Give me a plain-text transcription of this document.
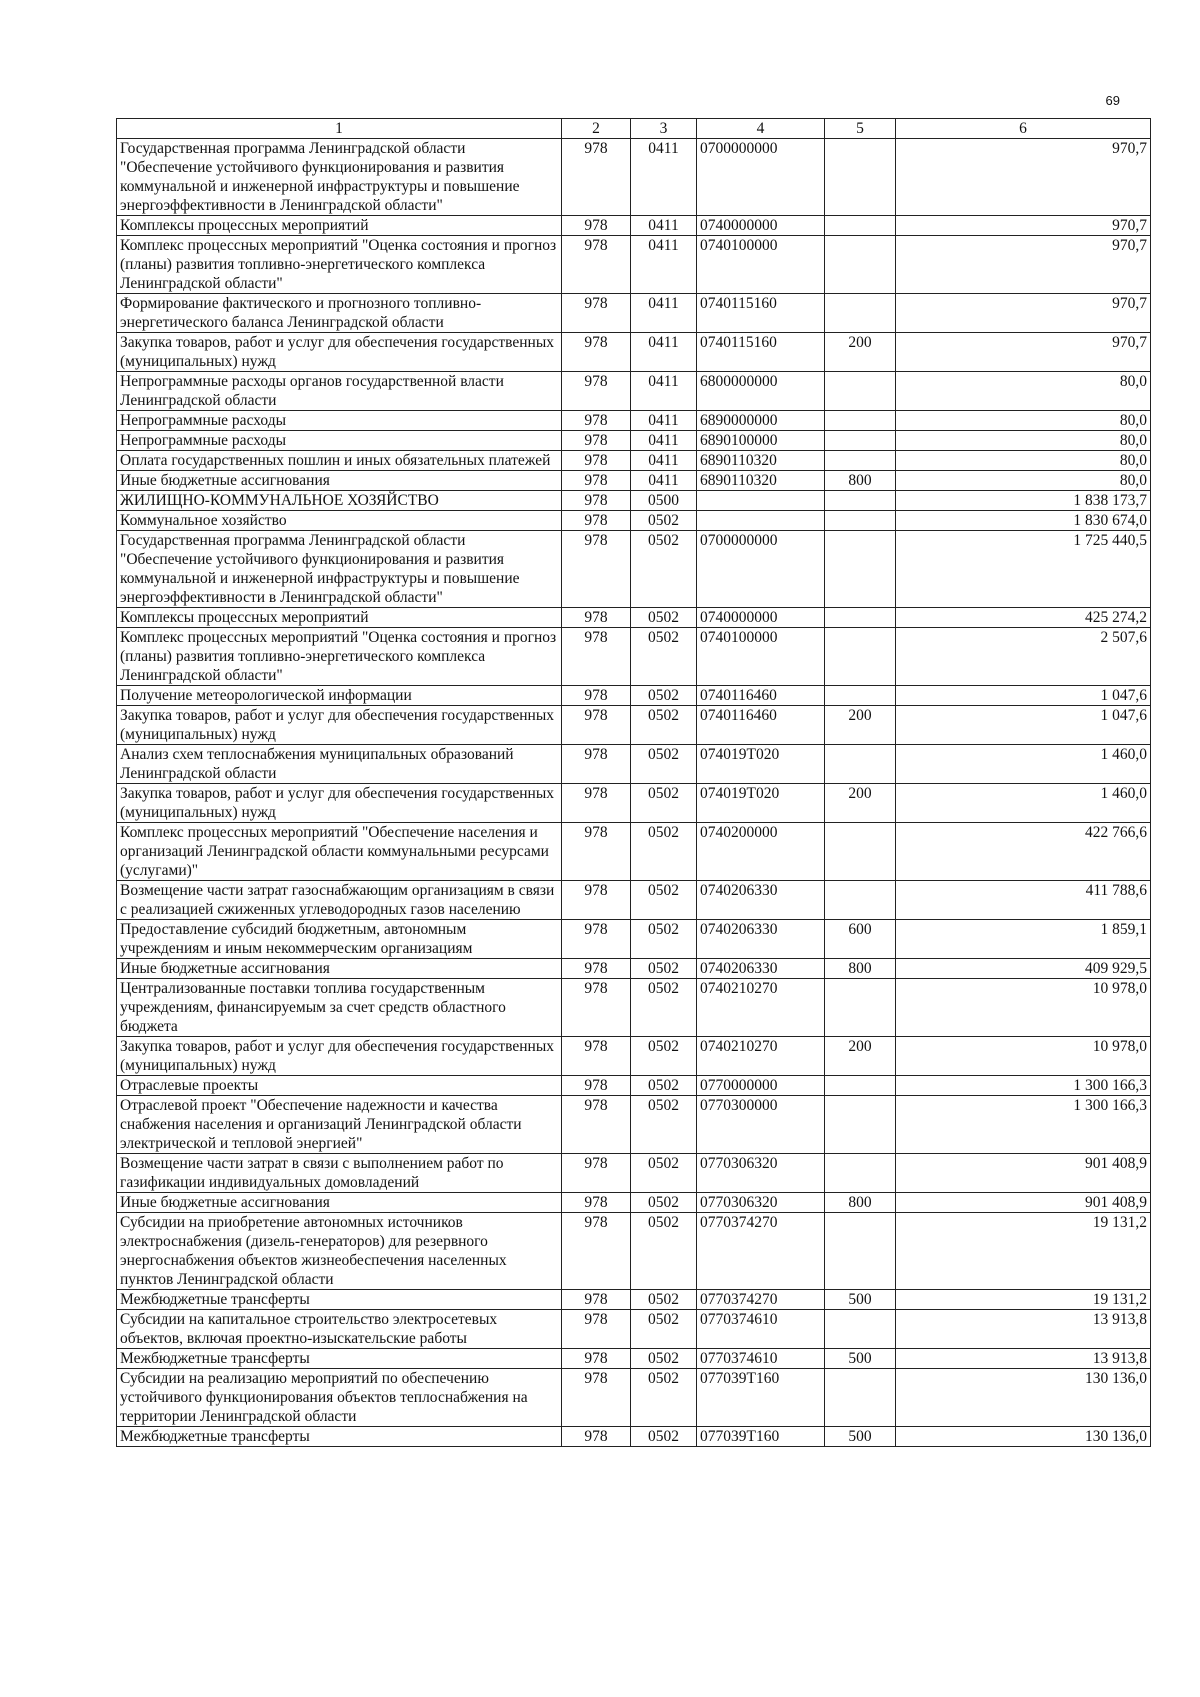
69
1	2	3	4	5	6
Государственная программа Ленинградской области "Обеспечение устойчивого функционирования и развития коммунальной и инженерной инфраструктуры и повышение энергоэффективности в Ленинградской области"	978	0411	0700000000		970,7
Комплексы процессных мероприятий	978	0411	0740000000		970,7
Комплекс процессных мероприятий "Оценка состояния и прогноз (планы) развития топливно-энергетического комплекса Ленинградской области"	978	0411	0740100000		970,7
Формирование фактического и прогнозного топливно-энергетического баланса Ленинградской области	978	0411	0740115160		970,7
Закупка товаров, работ и услуг для обеспечения государственных (муниципальных) нужд	978	0411	0740115160	200	970,7
Непрограммные расходы органов государственной власти Ленинградской области	978	0411	6800000000		80,0
Непрограммные расходы	978	0411	6890000000		80,0
Непрограммные расходы	978	0411	6890100000		80,0
Оплата государственных пошлин и иных обязательных платежей	978	0411	6890110320		80,0
Иные бюджетные ассигнования	978	0411	6890110320	800	80,0
ЖИЛИЩНО-КОММУНАЛЬНОЕ ХОЗЯЙСТВО	978	0500			1 838 173,7
Коммунальное хозяйство	978	0502			1 830 674,0
Государственная программа Ленинградской области "Обеспечение устойчивого функционирования и развития коммунальной и инженерной инфраструктуры и повышение энергоэффективности в Ленинградской области"	978	0502	0700000000		1 725 440,5
Комплексы процессных мероприятий	978	0502	0740000000		425 274,2
Комплекс процессных мероприятий "Оценка состояния и прогноз (планы) развития топливно-энергетического комплекса Ленинградской области"	978	0502	0740100000		2 507,6
Получение метеорологической информации	978	0502	0740116460		1 047,6
Закупка товаров, работ и услуг для обеспечения государственных (муниципальных) нужд	978	0502	0740116460	200	1 047,6
Анализ схем теплоснабжения муниципальных образований Ленинградской области	978	0502	074019T020		1 460,0
Закупка товаров, работ и услуг для обеспечения государственных (муниципальных) нужд	978	0502	074019T020	200	1 460,0
Комплекс процессных мероприятий "Обеспечение населения и организаций Ленинградской области коммунальными ресурсами (услугами)"	978	0502	0740200000		422 766,6
Возмещение части затрат газоснабжающим организациям в связи с реализацией сжиженных углеводородных газов населению	978	0502	0740206330		411 788,6
Предоставление субсидий бюджетным, автономным учреждениям и иным некоммерческим организациям	978	0502	0740206330	600	1 859,1
Иные бюджетные ассигнования	978	0502	0740206330	800	409 929,5
Централизованные поставки топлива государственным учреждениям, финансируемым за счет средств областного бюджета	978	0502	0740210270		10 978,0
Закупка товаров, работ и услуг для обеспечения государственных (муниципальных) нужд	978	0502	0740210270	200	10 978,0
Отраслевые проекты	978	0502	0770000000		1 300 166,3
Отраслевой проект "Обеспечение надежности и качества снабжения населения и организаций Ленинградской области электрической и тепловой энергией"	978	0502	0770300000		1 300 166,3
Возмещение части затрат в связи с выполнением работ по газификации индивидуальных домовладений	978	0502	0770306320		901 408,9
Иные бюджетные ассигнования	978	0502	0770306320	800	901 408,9
Субсидии на приобретение автономных источников электроснабжения (дизель-генераторов) для резервного энергоснабжения объектов жизнеобеспечения населенных пунктов Ленинградской области	978	0502	0770374270		19 131,2
Межбюджетные трансферты	978	0502	0770374270	500	19 131,2
Субсидии на капитальное строительство электросетевых объектов, включая проектно-изыскательские работы	978	0502	0770374610		13 913,8
Межбюджетные трансферты	978	0502	0770374610	500	13 913,8
Субсидии на реализацию мероприятий по обеспечению устойчивого функционирования объектов теплоснабжения на территории Ленинградской области	978	0502	077039T160		130 136,0
Межбюджетные трансферты	978	0502	077039T160	500	130 136,0
